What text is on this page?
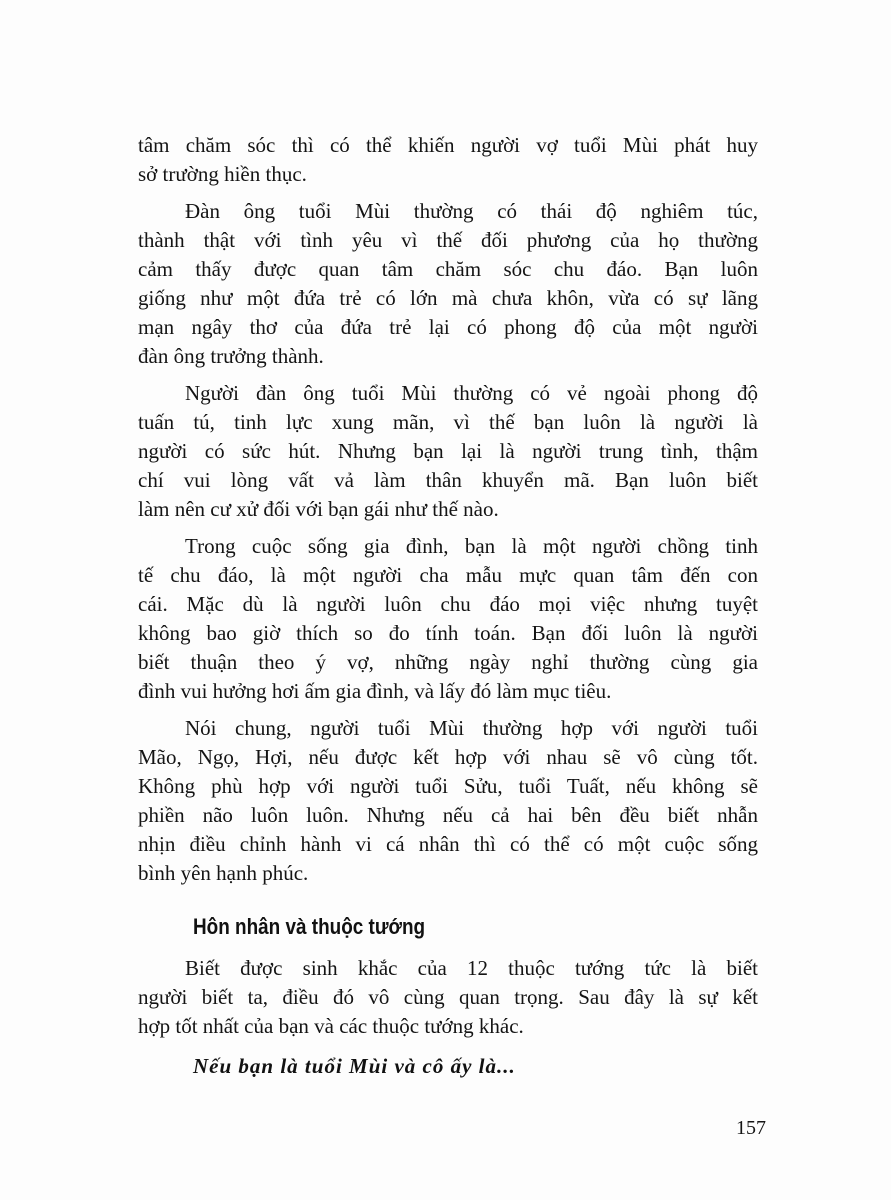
tâm chăm sóc thì có thể khiến người vợ tuổi Mùi phát huy
sở trường hiền thục.
Đàn ông tuổi Mùi thường có thái độ nghiêm túc,
thành thật với tình yêu vì thế đối phương của họ thường
cảm thấy được quan tâm chăm sóc chu đáo. Bạn luôn
giống như một đứa trẻ có lớn mà chưa khôn, vừa có sự lãng
mạn ngây thơ của đứa trẻ lại có phong độ của một người
đàn ông trưởng thành.
Người đàn ông tuổi Mùi thường có vẻ ngoài phong độ
tuấn tú, tinh lực xung mãn, vì thế bạn luôn là người là
người có sức hút. Nhưng bạn lại là người trung tình, thậm
chí vui lòng vất vả làm thân khuyển mã. Bạn luôn biết
làm nên cư xử đối với bạn gái như thế nào.
Trong cuộc sống gia đình, bạn là một người chồng tinh
tế chu đáo, là một người cha mẫu mực quan tâm đến con
cái. Mặc dù là người luôn chu đáo mọi việc nhưng tuyệt
không bao giờ thích so đo tính toán. Bạn đối luôn là người
biết thuận theo ý vợ, những ngày nghỉ thường cùng gia
đình vui hưởng hơi ấm gia đình, và lấy đó làm mục tiêu.
Nói chung, người tuổi Mùi thường hợp với người tuổi
Mão, Ngọ, Hợi, nếu được kết hợp với nhau sẽ vô cùng tốt.
Không phù hợp với người tuổi Sửu, tuổi Tuất, nếu không sẽ
phiền não luôn luôn. Nhưng nếu cả hai bên đều biết nhẫn
nhịn điều chỉnh hành vi cá nhân thì có thể có một cuộc sống
bình yên hạnh phúc.
Hôn nhân và thuộc tướng
Biết được sinh khắc của 12 thuộc tướng tức là biết
người biết ta, điều đó vô cùng quan trọng. Sau đây là sự kết
hợp tốt nhất của bạn và các thuộc tướng khác.
Nếu bạn là tuổi Mùi và cô ấy là...
157
